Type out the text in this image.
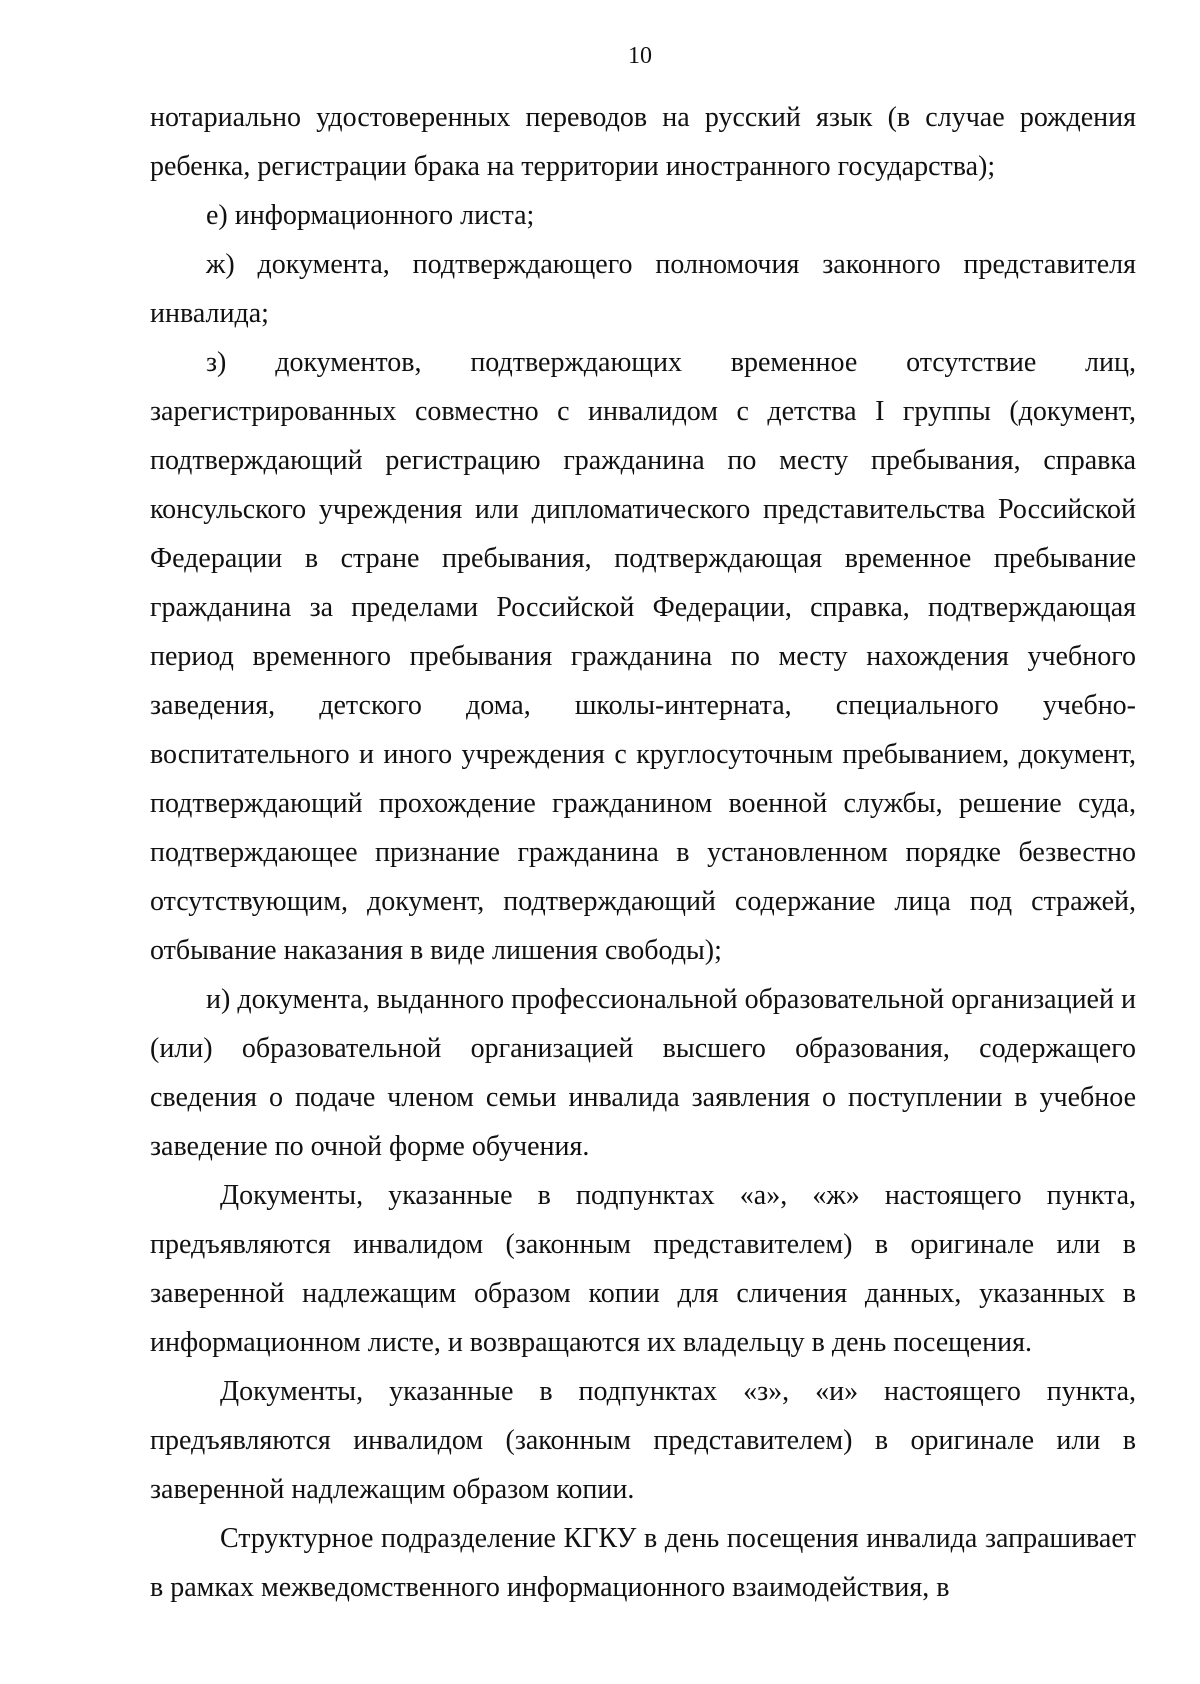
10

нотариально удостоверенных переводов на русский язык (в случае рождения ребенка, регистрации брака на территории иностранного государства);

е) информационного листа;

ж) документа, подтверждающего полномочия законного представителя инвалида;

з) документов, подтверждающих временное отсутствие лиц, зарегистрированных совместно с инвалидом с детства I группы (документ, подтверждающий регистрацию гражданина по месту пребывания, справка консульского учреждения или дипломатического представительства Российской Федерации в стране пребывания, подтверждающая временное пребывание гражданина за пределами Российской Федерации, справка, подтверждающая период временного пребывания гражданина по месту нахождения учебного заведения, детского дома, школы-интерната, специального учебно-воспитательного и иного учреждения с круглосуточным пребыванием, документ, подтверждающий прохождение гражданином военной службы, решение суда, подтверждающее признание гражданина в установленном порядке безвестно отсутствующим, документ, подтверждающий содержание лица под стражей, отбывание наказания в виде лишения свободы);

и) документа, выданного профессиональной образовательной организацией и (или) образовательной организацией высшего образования, содержащего сведения о подаче членом семьи инвалида заявления о поступлении в учебное заведение по очной форме обучения.

Документы, указанные в подпунктах «а», «ж» настоящего пункта, предъявляются инвалидом (законным представителем) в оригинале или в заверенной надлежащим образом копии для сличения данных, указанных в информационном листе, и возвращаются их владельцу в день посещения.

Документы, указанные в подпунктах «з», «и» настоящего пункта, предъявляются инвалидом (законным представителем) в оригинале или в заверенной надлежащим образом копии.

Структурное подразделение КГКУ в день посещения инвалида запрашивает в рамках межведомственного информационного взаимодействия, в
